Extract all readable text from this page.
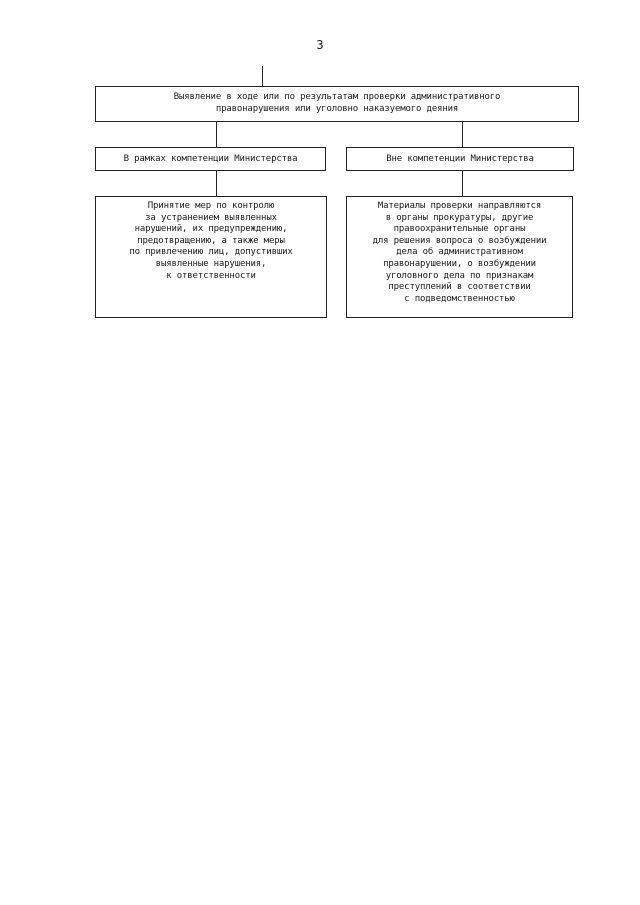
3
Выявление в ходе или по результатам проверки административного
правонарушения или уголовно наказуемого деяния
В рамках компетенции Министерства	Вне компетенции Министерства
Принятие мер по контролю
за устранением выявленных
нарушений, их предупреждению,
предотвращению, а также меры
по привлечению лиц, допустивших
выявленные нарушения,
к ответственности
Материалы проверки направляются
в органы прокуратуры, другие
правоохранительные органы
для решения вопроса о возбуждении
дела об административном
правонарушении, о возбуждении
уголовного дела по признакам
преступлений в соответствии
с подведомственностью
